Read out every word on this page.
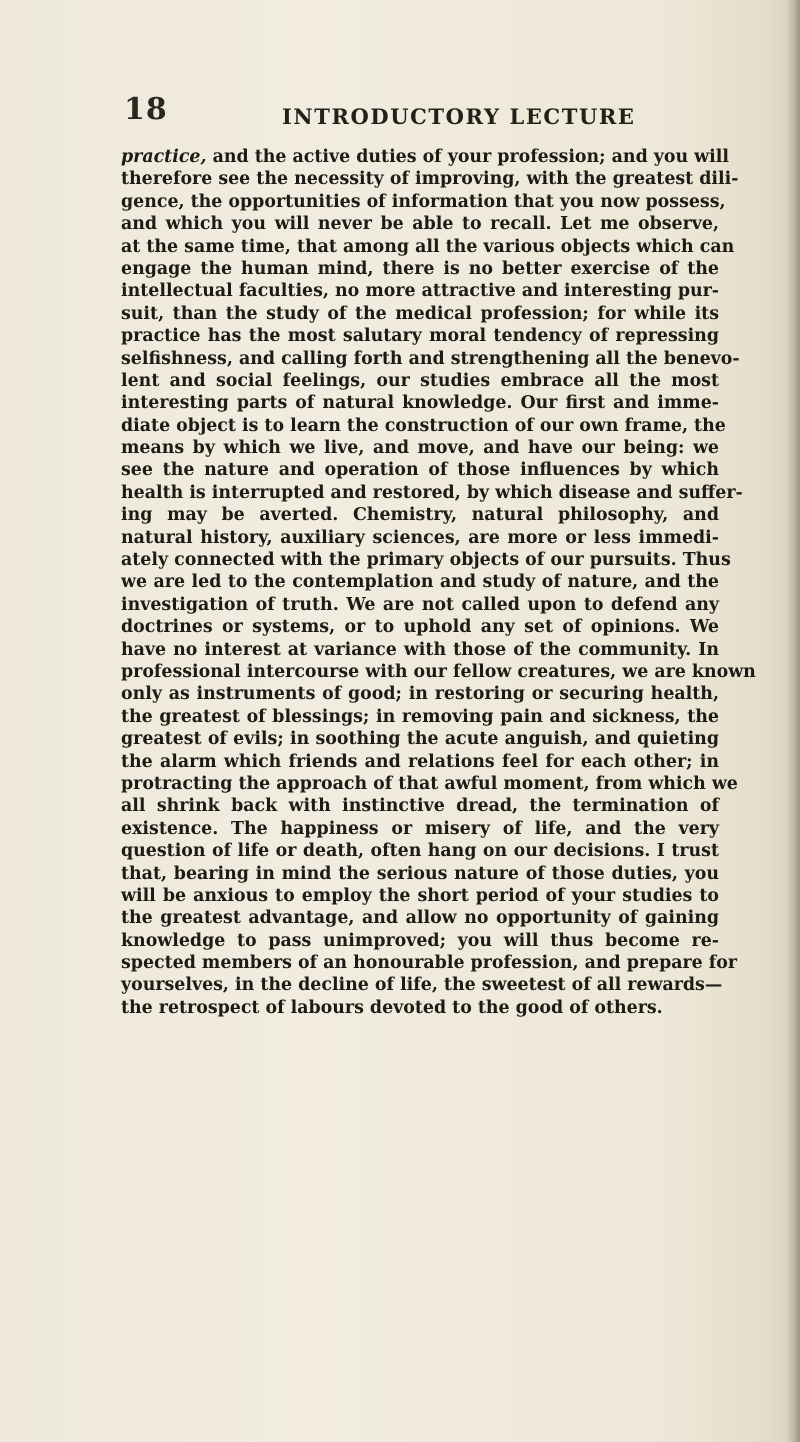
18	INTRODUCTORY LECTURE
practice, and the active duties of your profession; and you will
therefore see the necessity of improving, with the greatest dili-
gence, the opportunities of information that you now possess,
and which you will never be able to recall. Let me observe,
at the same time, that among all the various objects which can
engage the human mind, there is no better exercise of the
intellectual faculties, no more attractive and interesting pur-
suit, than the study of the medical profession; for while its
practice has the most salutary moral tendency of repressing
selfishness, and calling forth and strengthening all the benevo-
lent and social feelings, our studies embrace all the most
interesting parts of natural knowledge. Our first and imme-
diate object is to learn the construction of our own frame, the
means by which we live, and move, and have our being: we
see the nature and operation of those influences by which
health is interrupted and restored, by which disease and suffer-
ing may be averted. Chemistry, natural philosophy, and
natural history, auxiliary sciences, are more or less immedi-
ately connected with the primary objects of our pursuits. Thus
we are led to the contemplation and study of nature, and the
investigation of truth. We are not called upon to defend any
doctrines or systems, or to uphold any set of opinions. We
have no interest at variance with those of the community. In
professional intercourse with our fellow creatures, we are known
only as instruments of good; in restoring or securing health,
the greatest of blessings; in removing pain and sickness, the
greatest of evils; in soothing the acute anguish, and quieting
the alarm which friends and relations feel for each other; in
protracting the approach of that awful moment, from which we
all shrink back with instinctive dread, the termination of
existence. The happiness or misery of life, and the very
question of life or death, often hang on our decisions. I trust
that, bearing in mind the serious nature of those duties, you
will be anxious to employ the short period of your studies to
the greatest advantage, and allow no opportunity of gaining
knowledge to pass unimproved; you will thus become re-
spected members of an honourable profession, and prepare for
yourselves, in the decline of life, the sweetest of all rewards—
the retrospect of labours devoted to the good of others.
